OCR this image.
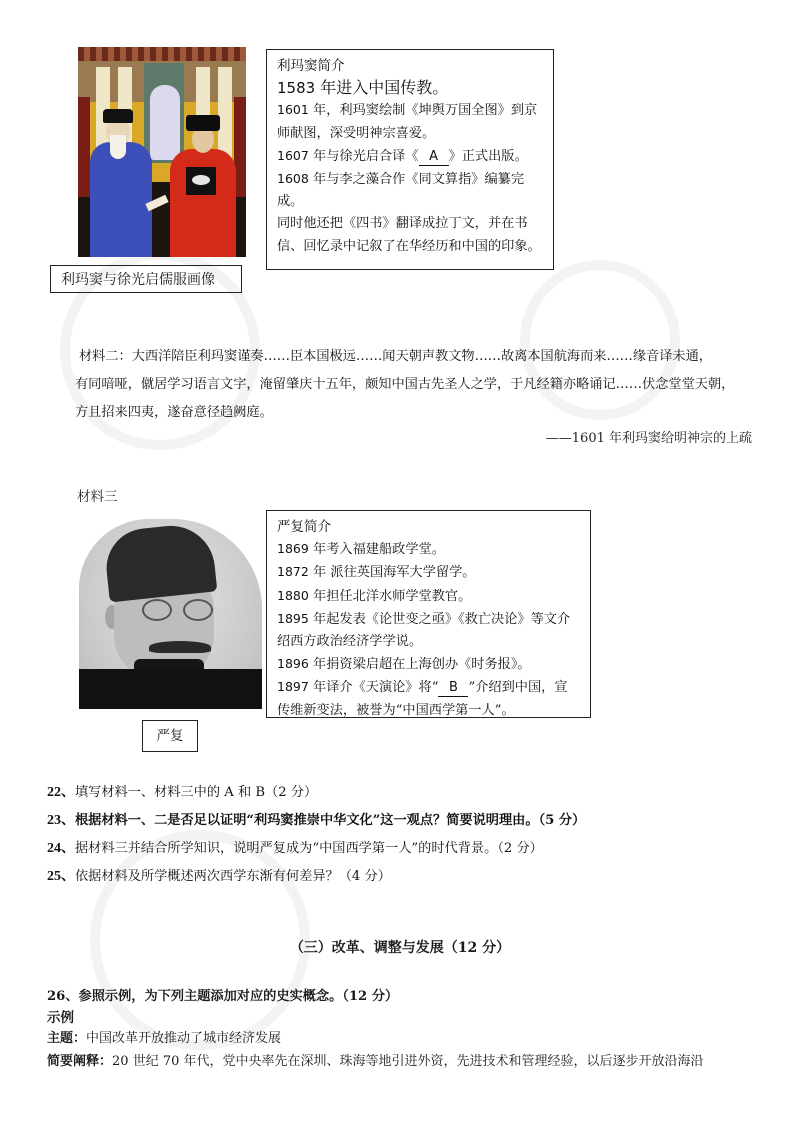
利玛窦与徐光启儒服画像
利玛窦简介
1583 年进入中国传教。
1601 年，利玛窦绘制《坤舆万国全图》到京师献图，深受明神宗喜爱。
1607 年与徐光启合译《 A 》正式出版。
1608 年与李之藻合作《同文算指》编纂完成。
同时他还把《四书》翻译成拉丁文，并在书信、回忆录中记叙了在华经历和中国的印象。
材料二：大西洋陪臣利玛窦谨奏……臣本国极远……闻天朝声教文物……故离本国航海而来……缘音译未通，
有同喑哑，僦居学习语言文字，淹留肇庆十五年，颇知中国古先圣人之学，于凡经籍亦略诵记……伏念堂堂天朝，
方且招来四夷，遂奋意径趋阙庭。
——1601 年利玛窦给明神宗的上疏
材料三
严复
严复简介
1869 年考入福建船政学堂。
1872 年 派往英国海军大学留学。
1880 年担任北洋水师学堂教官。
1895 年起发表《论世变之亟》《救亡决论》等文介绍西方政治经济学学说。
1896 年捐资梁启超在上海创办《时务报》。
1897 年译介《天演论》将“ B ”介绍到中国，宣传维新变法，被誉为“中国西学第一人”。
22、填写材料一、材料三中的 A 和 B（2 分）
23、根据材料一、二是否足以证明“利玛窦推崇中华文化”这一观点？简要说明理由。（5 分）
24、据材料三并结合所学知识，说明严复成为“中国西学第一人”的时代背景。（2 分）
25、依据材料及所学概述两次西学东渐有何差异？（4 分）
（三）改革、调整与发展（12 分）
26、参照示例，为下列主题添加对应的史实概念。（12 分）
示例
主题：中国改革开放推动了城市经济发展
简要阐释：20 世纪 70 年代，党中央率先在深圳、珠海等地引进外资，先进技术和管理经验，以后逐步开放沿海沿
